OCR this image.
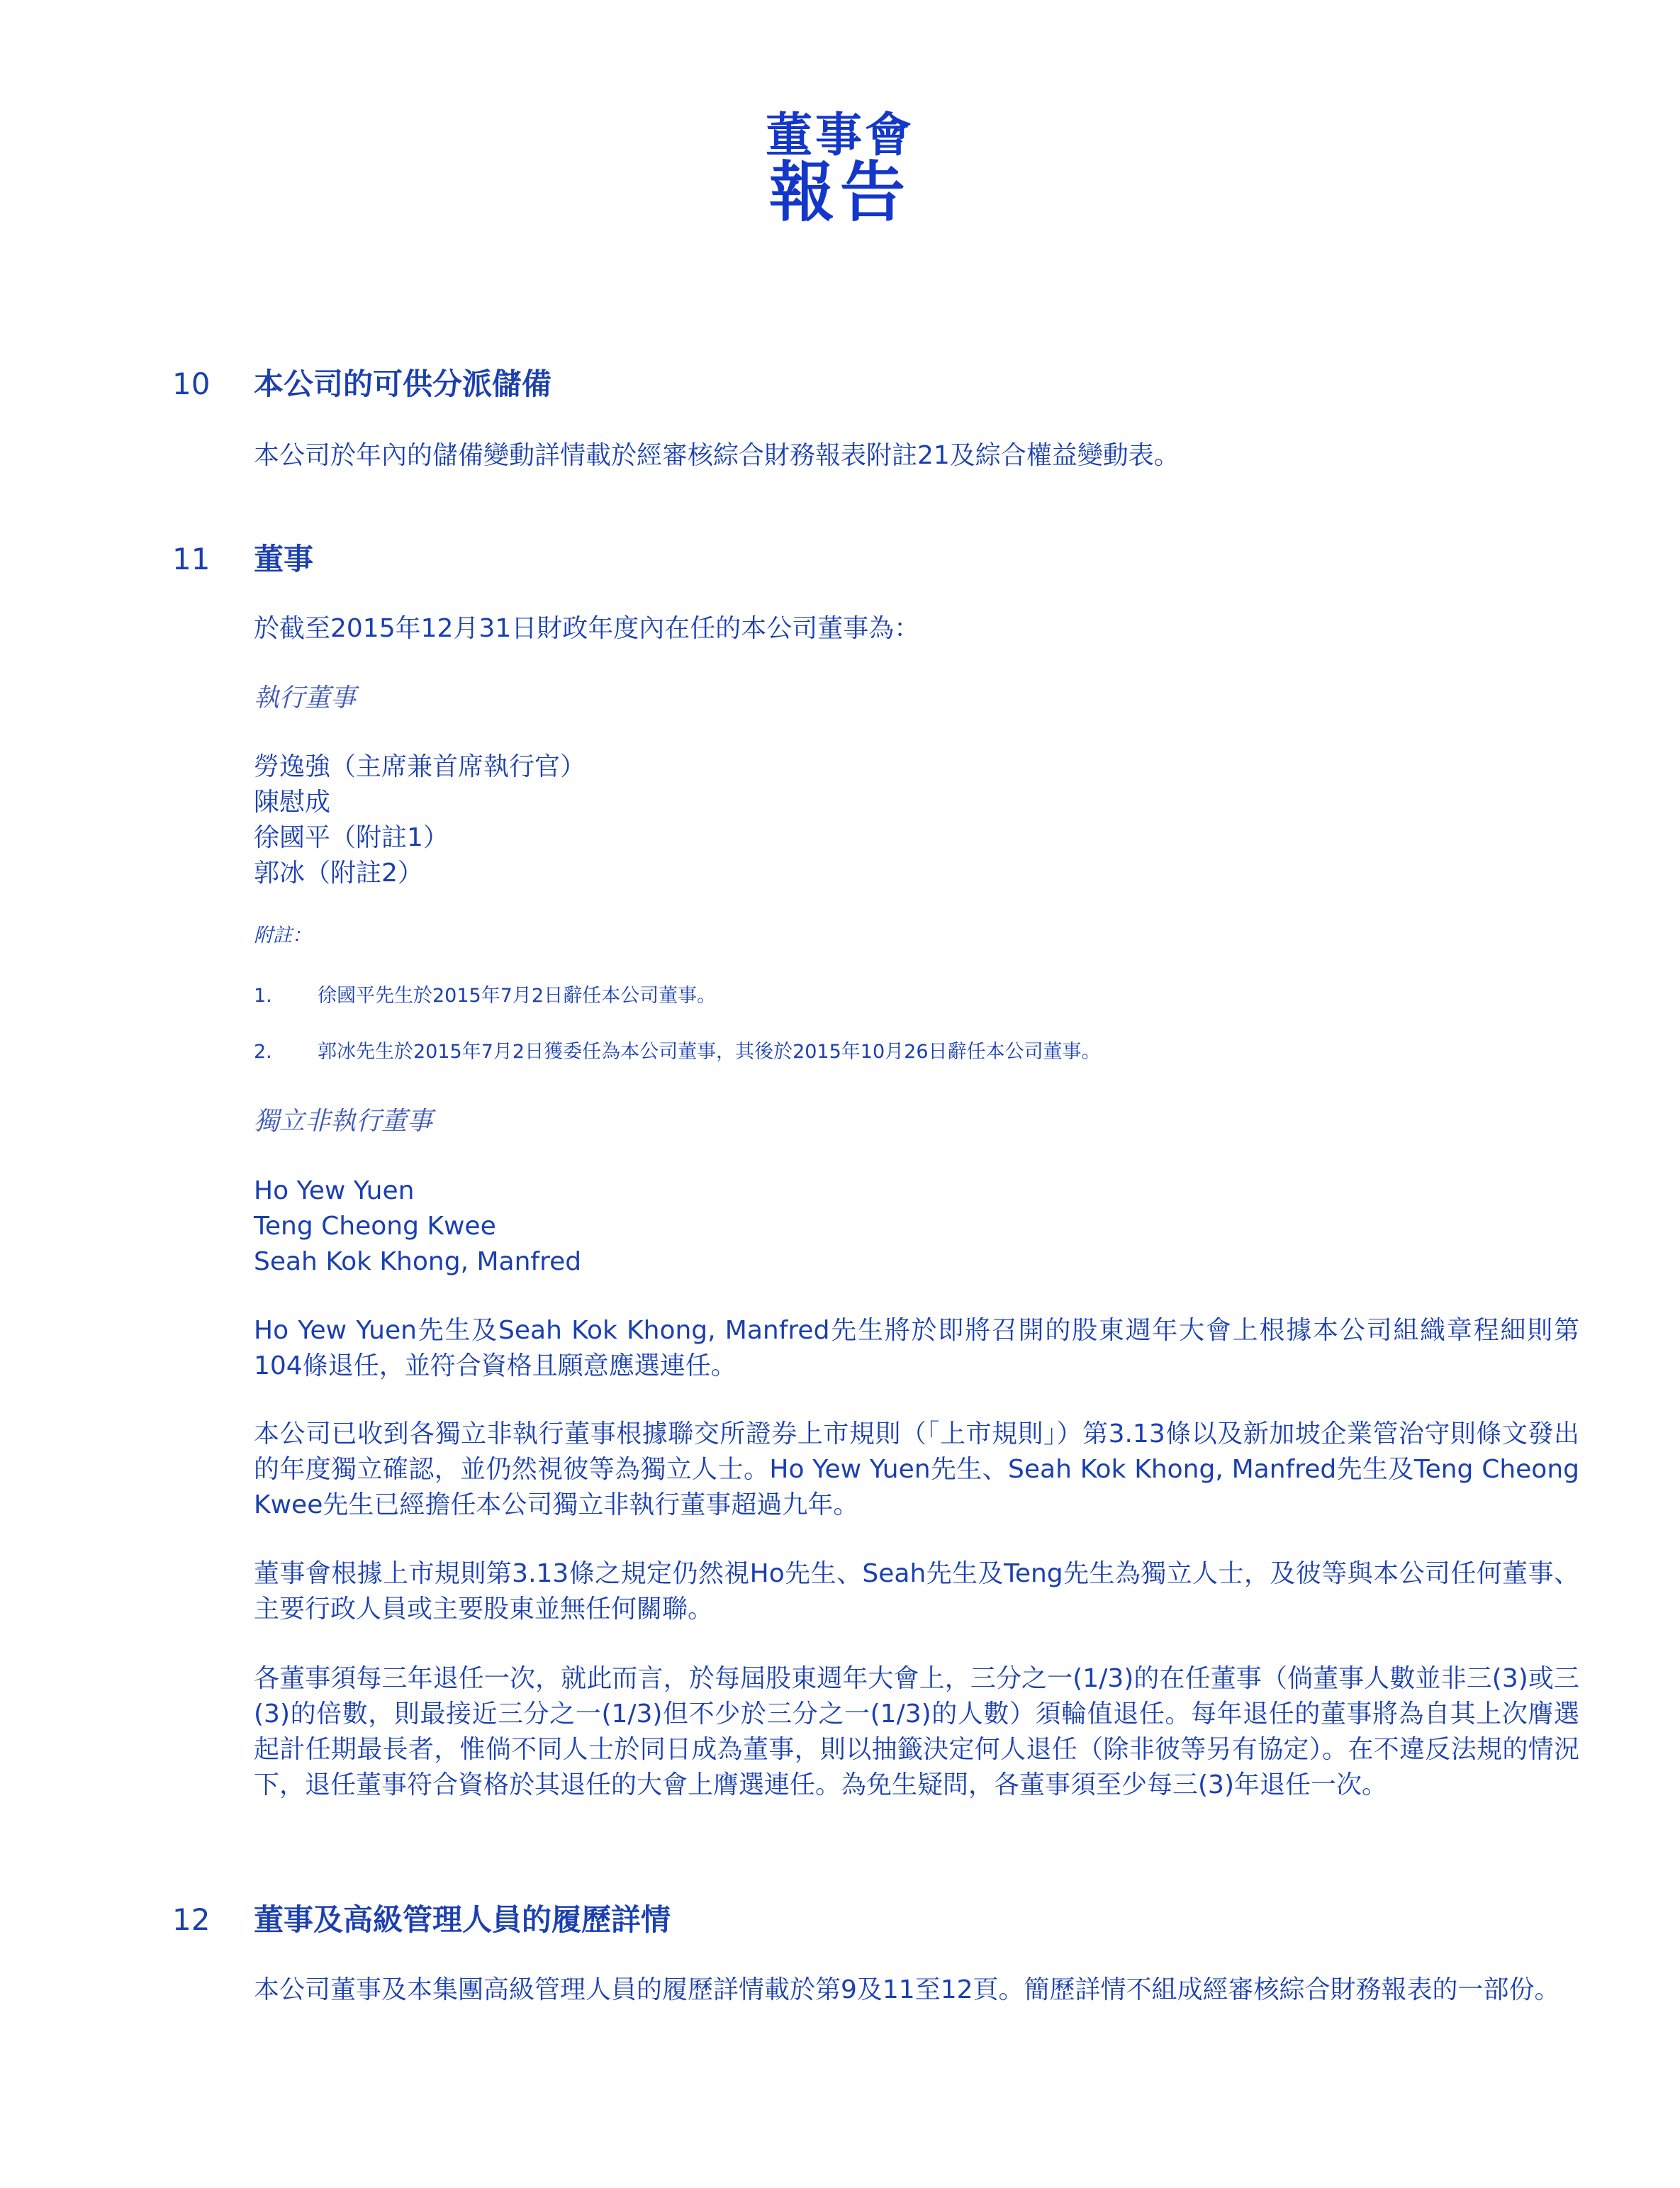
董事會
報告
10 本公司的可供分派儲備

本公司於年內的儲備變動詳情載於經審核綜合財務報表附註21及綜合權益變動表。

11 董事

於截至2015年12月31日財政年度內在任的本公司董事為：

執行董事

勞逸強（主席兼首席執行官）
陳慰成
徐國平（附註1）
郭冰（附註2）

附註：

1. 徐國平先生於2015年7月2日辭任本公司董事。

2. 郭冰先生於2015年7月2日獲委任為本公司董事，其後於2015年10月26日辭任本公司董事。

獨立非執行董事

Ho Yew Yuen
Teng Cheong Kwee
Seah Kok Khong, Manfred

Ho Yew Yuen先生及Seah Kok Khong, Manfred先生將於即將召開的股東週年大會上根據本公司組織章程細則第104條退任，並符合資格且願意應選連任。

本公司已收到各獨立非執行董事根據聯交所證券上市規則（「上市規則」）第3.13條以及新加坡企業管治守則條文發出的年度獨立確認，並仍然視彼等為獨立人士。Ho Yew Yuen先生、Seah Kok Khong, Manfred先生及Teng Cheong Kwee先生已經擔任本公司獨立非執行董事超過九年。

董事會根據上市規則第3.13條之規定仍然視Ho先生、Seah先生及Teng先生為獨立人士，及彼等與本公司任何董事、主要行政人員或主要股東並無任何關聯。

各董事須每三年退任一次，就此而言，於每屆股東週年大會上，三分之一(1/3)的在任董事（倘董事人數並非三(3)或三(3)的倍數，則最接近三分之一(1/3)但不少於三分之一(1/3)的人數）須輪值退任。每年退任的董事將為自其上次膺選起計任期最長者，惟倘不同人士於同日成為董事，則以抽籤決定何人退任（除非彼等另有協定）。在不違反法規的情況下，退任董事符合資格於其退任的大會上膺選連任。為免生疑問，各董事須至少每三(3)年退任一次。

12 董事及高級管理人員的履歷詳情

本公司董事及本集團高級管理人員的履歷詳情載於第9及11至12頁。簡歷詳情不組成經審核綜合財務報表的一部份。
